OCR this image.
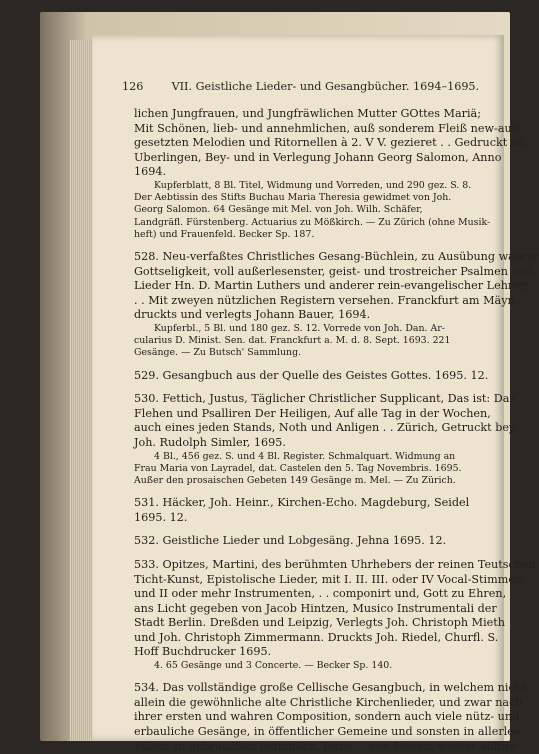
126	VII. Geistliche Lieder- und Gesangbücher. 1694–1695.
lichen Jungfrauen, und Jungfräwlichen Mutter GOttes Mariä;
Mit Schönen, lieb- und annehmlichen, auß sonderem Fleiß new-auff-
gesetzten Melodien und Ritornellen à 2. V V. gezieret . . Gedruckt zu
Uberlingen, Bey- und in Verlegung Johann Georg Salomon, Anno
1694.
Kupferblatt, 8 Bl. Titel, Widmung und Vorreden, und 290 gez. S. 8.
Der Aebtissin des Stifts Buchau Maria Theresia gewidmet von Joh.
Georg Salomon. 64 Gesänge mit Mel. von Joh. Wilh. Schäfer,
Landgräfl. Fürstenberg. Actuarius zu Mößkirch. — Zu Zürich (ohne Musik-
heft) und Frauenfeld. Becker Sp. 187.
528. Neu-verfaßtes Christliches Gesang-Büchlein, zu Ausübung wahrer
Gottseligkeit, voll außerlesenster, geist- und trostreicher Psalmen und
Lieder Hn. D. Martin Luthers und anderer rein-evangelischer Lehrer;
. . Mit zweyen nützlichen Registern versehen. Franckfurt am Mäyn,
druckts und verlegts Johann Bauer, 1694.
Kupferbl., 5 Bl. und 180 gez. S. 12. Vorrede von Joh. Dan. Ar-
cularius D. Minist. Sen. dat. Franckfurt a. M. d. 8. Sept. 1693. 221
Gesänge. — Zu Butsch' Sammlung.
529. Gesangbuch aus der Quelle des Geistes Gottes. 1695. 12.
530. Fettich, Justus, Täglicher Christlicher Supplicant, Das ist: Das
Flehen und Psalliren Der Heiligen, Auf alle Tag in der Wochen,
auch eines jeden Stands, Noth und Anligen . . Zürich, Getruckt bey
Joh. Rudolph Simler, 1695.
4 Bl., 456 gez. S. und 4 Bl. Register. Schmalquart. Widmung an
Frau Maria von Layradel, dat. Castelen den 5. Tag Novembris. 1695.
Außer den prosaischen Gebeten 149 Gesänge m. Mel. — Zu Zürich.
531. Häcker, Joh. Heinr., Kirchen-Echo. Magdeburg, Seidel
1695. 12.
532. Geistliche Lieder und Lobgesäng. Jehna 1695. 12.
533. Opitzes, Martini, des berühmten Uhrhebers der reinen Teutschen
Ticht-Kunst, Epistolische Lieder, mit I. II. III. oder IV Vocal-Stimmen,
und II oder mehr Instrumenten, . . componirt und, Gott zu Ehren,
ans Licht gegeben von Jacob Hintzen, Musico Instrumentali der
Stadt Berlin. Dreßden und Leipzig, Verlegts Joh. Christoph Mieth
und Joh. Christoph Zimmermann. Druckts Joh. Riedel, Churfl. S.
Hoff Buchdrucker 1695.
4. 65 Gesänge und 3 Concerte. — Becker Sp. 140.
534. Das vollständige große Cellische Gesangbuch, in welchem nicht
allein die gewöhnliche alte Christliche Kirchenlieder, und zwar nach
ihrer ersten und wahren Composition, sondern auch viele nütz- und
erbauliche Gesänge, in öffentlicher Gemeine und sonsten in allerley
Fällen zu gebrauchen befindlich. Jetzo . . von Neuem wieder auffge-
